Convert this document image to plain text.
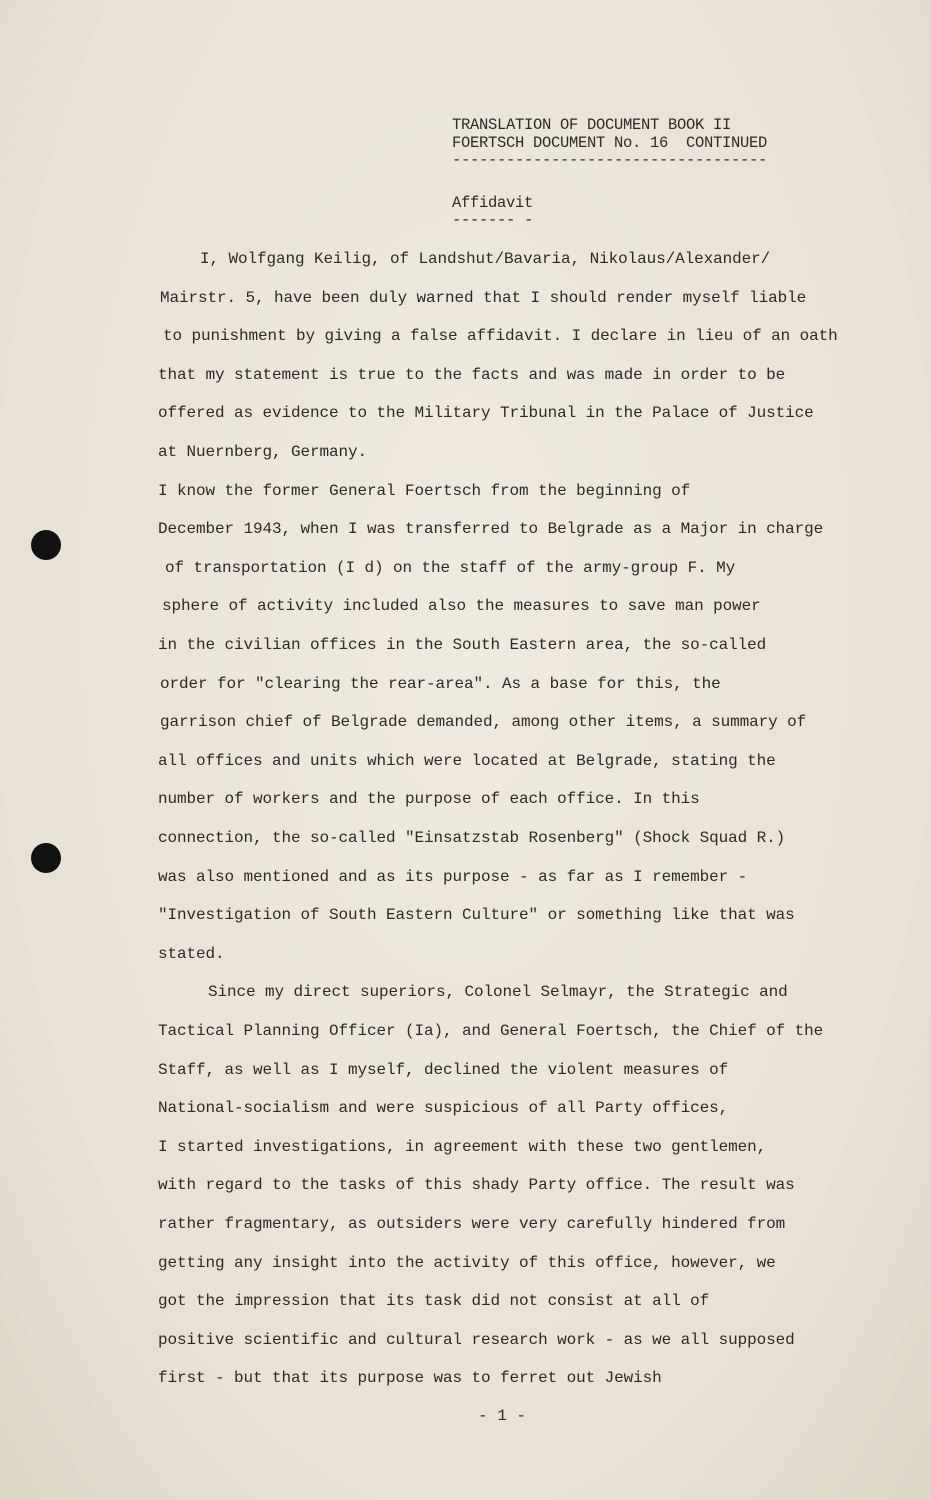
TRANSLATION OF DOCUMENT BOOK II
FOERTSCH DOCUMENT No. 16  CONTINUED
-----------------------------------
Affidavit
------- -
I, Wolfgang Keilig, of Landshut/Bavaria, Nikolaus/Alexander/
Mairstr. 5, have been duly warned that I should render myself liable
to punishment by giving a false affidavit. I declare in lieu of an oath
that my statement is true to the facts and was made in order to be
offered as evidence to the Military Tribunal in the Palace of Justice
at Nuernberg, Germany.
I know the former General Foertsch from the beginning of
December 1943, when I was transferred to Belgrade as a Major in charge
of transportation (I d) on the staff of the army-group F. My
sphere of activity included also the measures to save man power
in the civilian offices in the South Eastern area, the so-called
order for "clearing the rear-area". As a base for this, the
garrison chief of Belgrade demanded, among other items, a summary of
all offices and units which were located at Belgrade, stating the
number of workers and the purpose of each office. In this
connection, the so-called "Einsatzstab Rosenberg" (Shock Squad R.)
was also mentioned and as its purpose - as far as I remember -
"Investigation of South Eastern Culture" or something like that was
stated.
Since my direct superiors, Colonel Selmayr, the Strategic and
Tactical Planning Officer (Ia), and General Foertsch, the Chief of the
Staff, as well as I myself, declined the violent measures of
National-socialism and were suspicious of all Party offices,
I started investigations, in agreement with these two gentlemen,
with regard to the tasks of this shady Party office. The result was
rather fragmentary, as outsiders were very carefully hindered from
getting any insight into the activity of this office, however, we
got the impression that its task did not consist at all of
positive scientific and cultural research work - as we all supposed
first - but that its purpose was to ferret out Jewish
- 1 -
